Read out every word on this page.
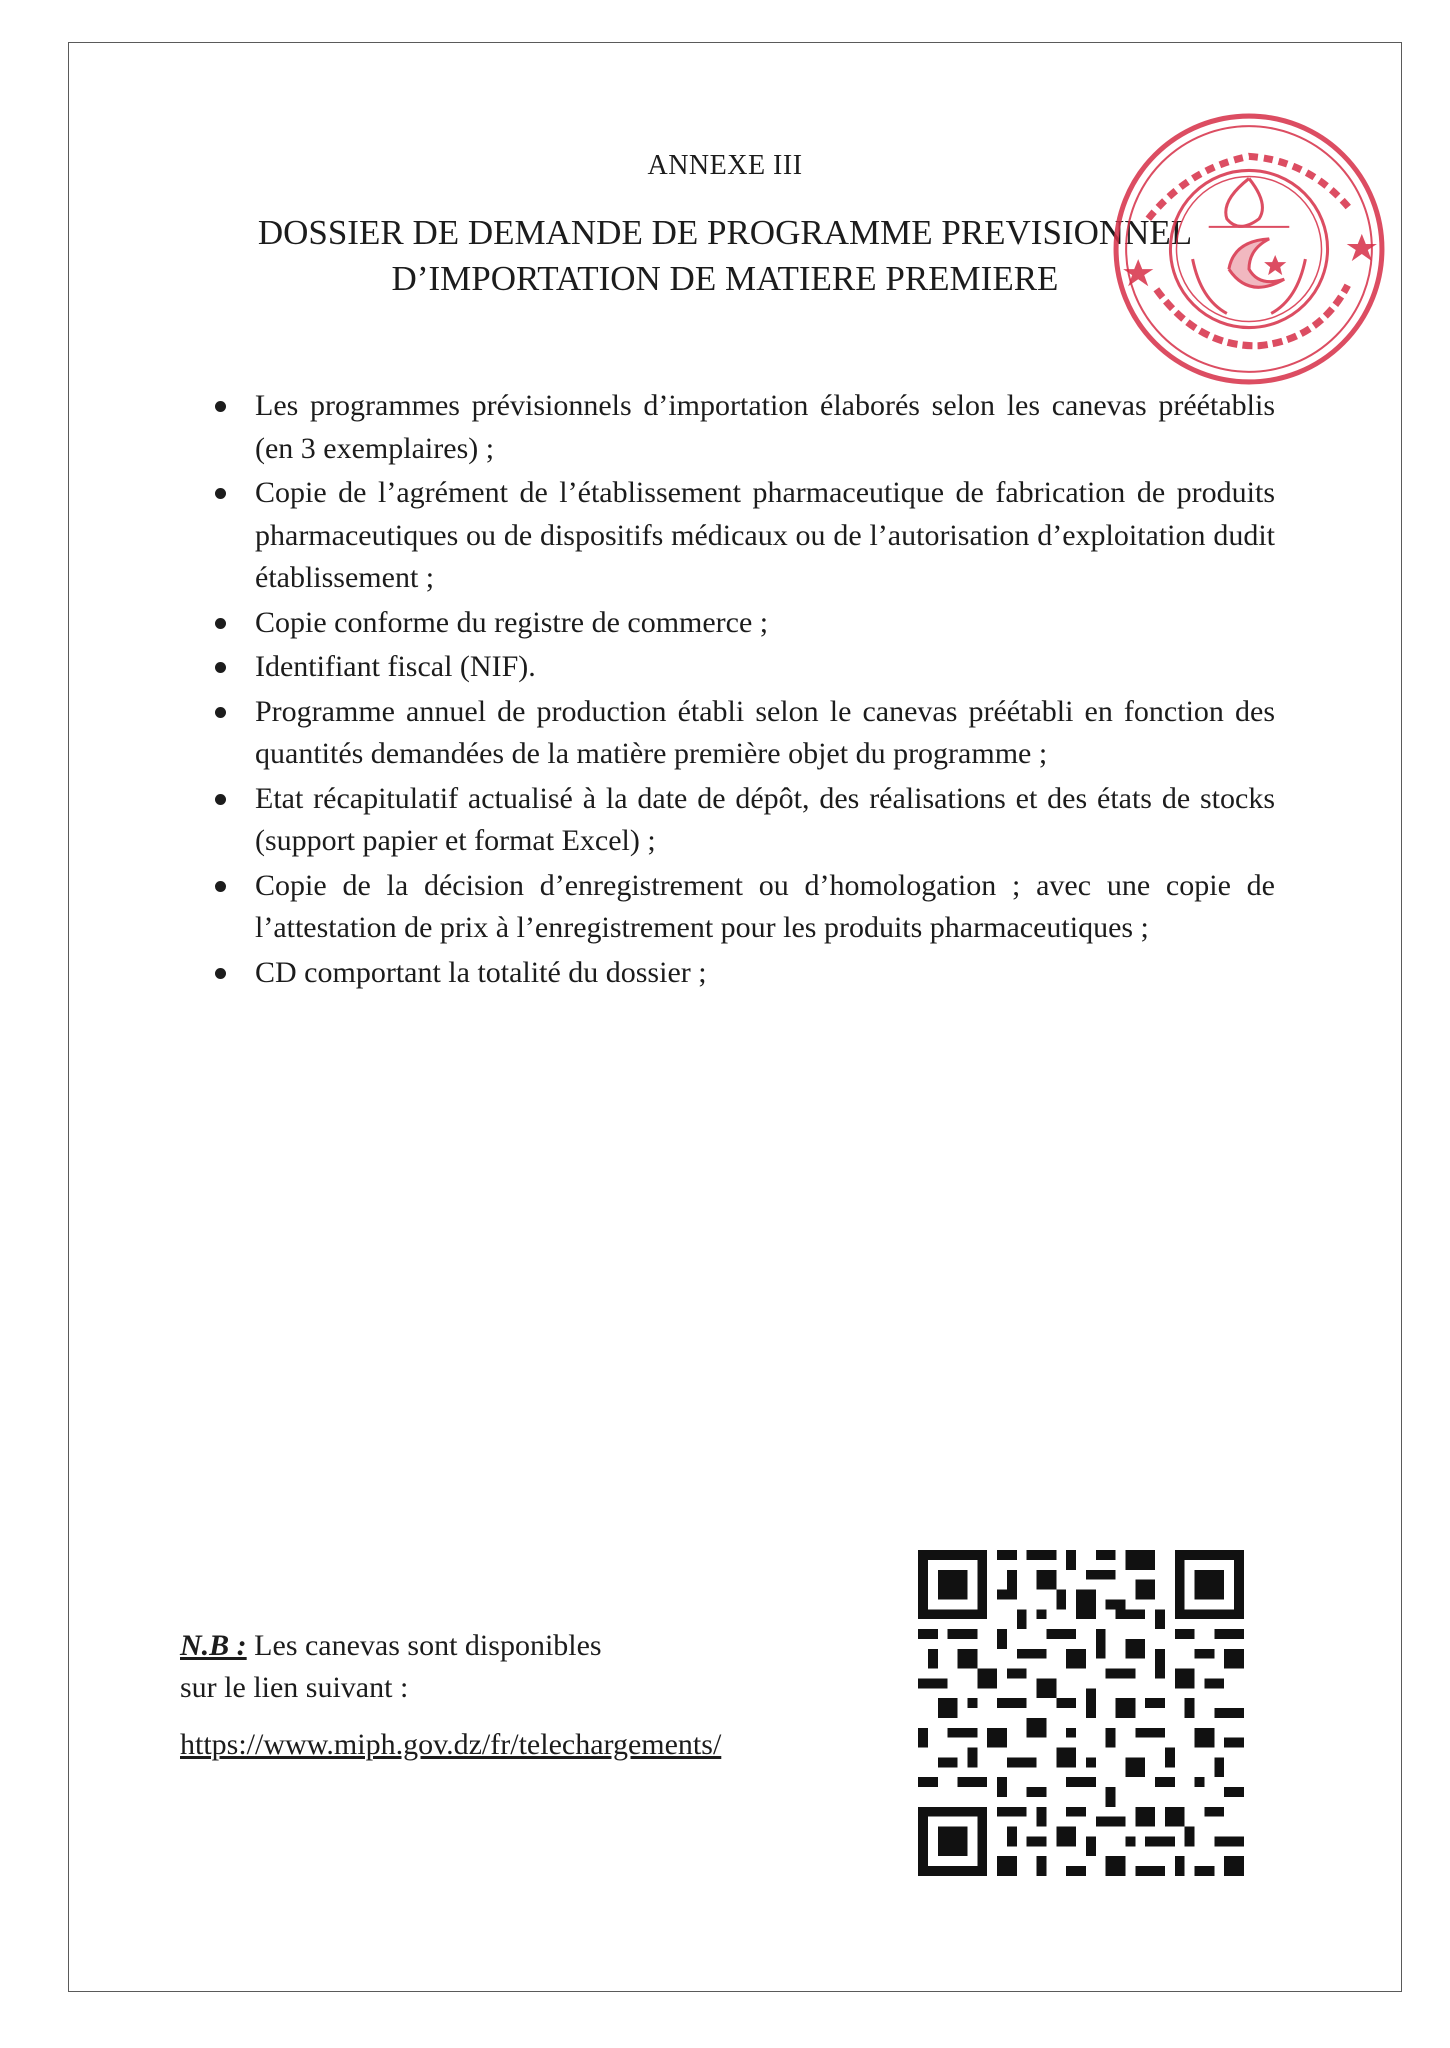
ANNEXE III
DOSSIER DE DEMANDE DE PROGRAMME PREVISIONNEL
D’IMPORTATION DE MATIERE PREMIERE
Les programmes prévisionnels d’importation élaborés selon les canevas préétablis (en 3 exemplaires) ;
Copie de l’agrément de l’établissement pharmaceutique de fabrication de produits pharmaceutiques ou de dispositifs médicaux ou de l’autorisation d’exploitation dudit établissement ;
Copie conforme du registre de commerce ;
Identifiant fiscal (NIF).
Programme annuel de production établi selon le canevas préétabli en fonction des quantités demandées de la matière première objet du programme ;
Etat récapitulatif actualisé à la date de dépôt, des réalisations et des états de stocks (support papier et format Excel) ;
Copie de la décision d’enregistrement ou d’homologation ; avec une copie de l’attestation de prix à l’enregistrement pour les produits pharmaceutiques ;
CD comportant la totalité du dossier ;
N.B : Les canevas sont disponibles
sur le lien suivant :
https://www.miph.gov.dz/fr/telechargements/
